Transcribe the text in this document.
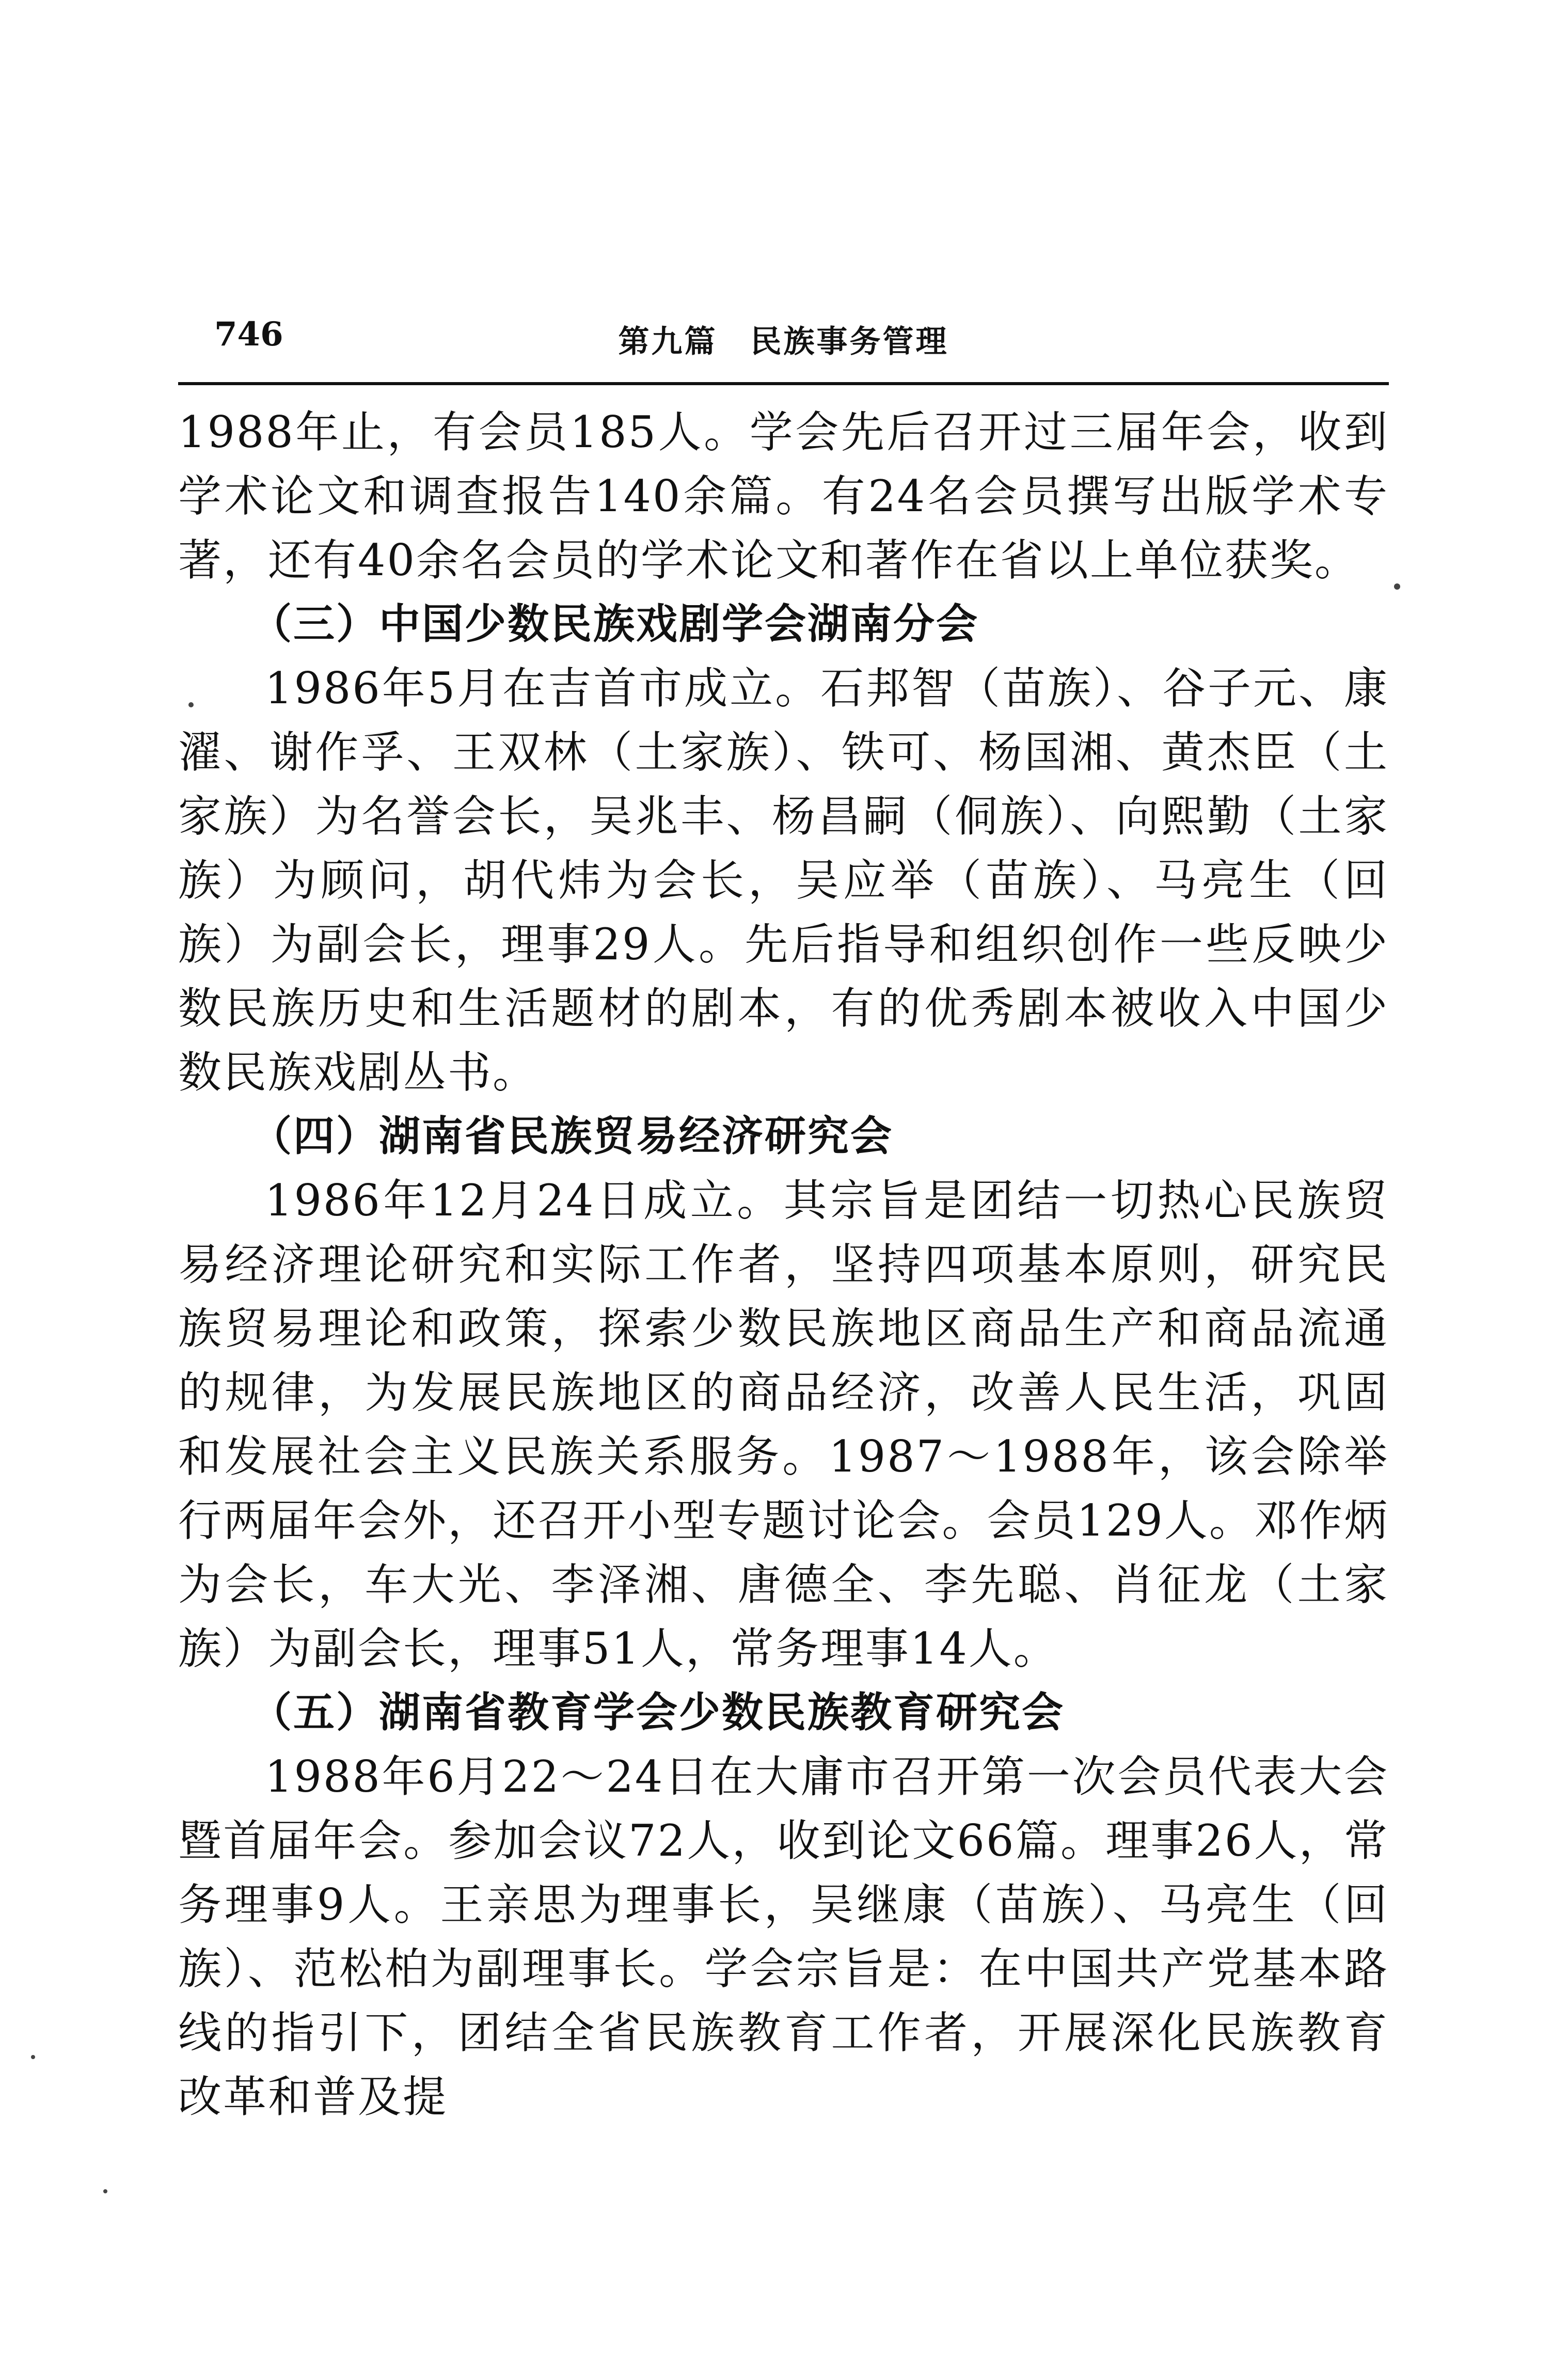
746	第九篇　民族事务管理

1988年止，有会员185人。学会先后召开过三届年会，收到学术论文和调查报告140余篇。有24名会员撰写出版学术专著，还有40余名会员的学术论文和著作在省以上单位获奖。

（三）中国少数民族戏剧学会湖南分会

1986年5月在吉首市成立。石邦智（苗族）、谷子元、康濯、谢作孚、王双林（土家族）、铁可、杨国湘、黄杰臣（土家族）为名誉会长，吴兆丰、杨昌嗣（侗族）、向熙勤（土家族）为顾问，胡代炜为会长，吴应举（苗族）、马亮生（回族）为副会长，理事29人。先后指导和组织创作一些反映少数民族历史和生活题材的剧本，有的优秀剧本被收入中国少数民族戏剧丛书。

（四）湖南省民族贸易经济研究会

1986年12月24日成立。其宗旨是团结一切热心民族贸易经济理论研究和实际工作者，坚持四项基本原则，研究民族贸易理论和政策，探索少数民族地区商品生产和商品流通的规律，为发展民族地区的商品经济，改善人民生活，巩固和发展社会主义民族关系服务。1987～1988年，该会除举行两届年会外，还召开小型专题讨论会。会员129人。邓作炳为会长，车大光、李泽湘、唐德全、李先聪、肖征龙（土家族）为副会长，理事51人，常务理事14人。

（五）湖南省教育学会少数民族教育研究会

1988年6月22～24日在大庸市召开第一次会员代表大会暨首届年会。参加会议72人，收到论文66篇。理事26人，常务理事9人。王亲思为理事长，吴继康（苗族）、马亮生（回族）、范松柏为副理事长。学会宗旨是：在中国共产党基本路线的指引下，团结全省民族教育工作者，开展深化民族教育改革和普及提
